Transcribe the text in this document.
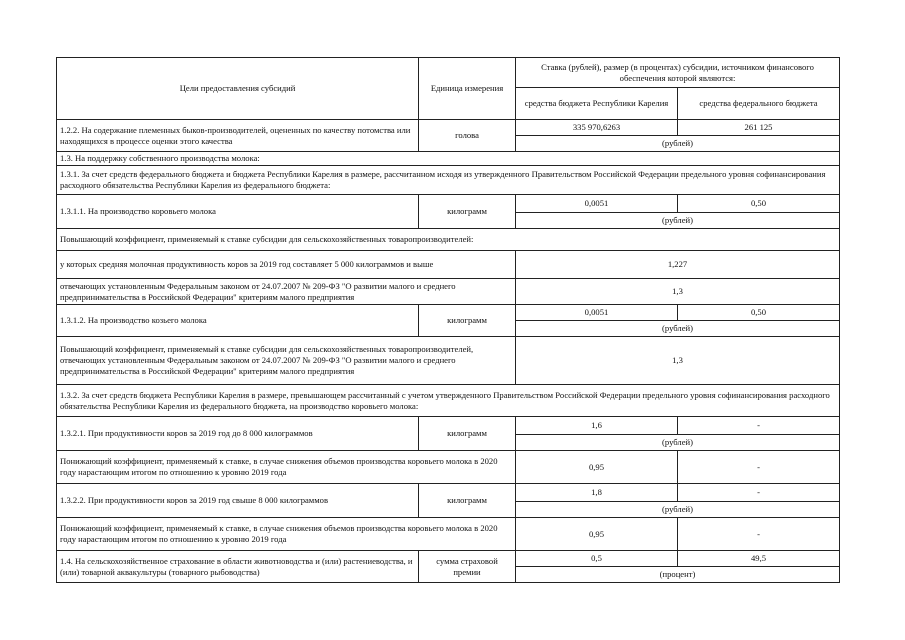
Цели предоставления субсидий	Единица измерения	Ставка (рублей), размер (в процентах) субсидии, источником финансового обеспечения которой являются:	
		средства бюджета Республики Карелия	средства федерального бюджета
1.2.2. На содержание племенных быков-производителей, оцененных по качеству потомства или находящихся в процессе оценки этого качества	голова	335 970,6263	261 125
		(рублей)	
1.3. На поддержку собственного производства молока:			
1.3.1. За счет средств федерального бюджета и бюджета Республики Карелия в размере, рассчитанном исходя из утвержденного Правительством Российской Федерации предельного уровня софинансирования расходного обязательства Республики Карелия из федерального бюджета:			
1.3.1.1. На производство коровьего молока	килограмм	0,0051	0,50
		(рублей)	
Повышающий коэффициент, применяемый к ставке субсидии для сельскохозяйственных товаропроизводителей:			
у которых средняя молочная продуктивность коров за 2019 год составляет 5 000 килограммов и выше		1,227	
отвечающих установленным Федеральным законом от 24.07.2007 № 209-ФЗ "О развитии малого и среднего предпринимательства в Российской Федерации" критериям малого предприятия		1,3	
1.3.1.2. На производство козьего молока	килограмм	0,0051	0,50
		(рублей)	
Повышающий коэффициент, применяемый к ставке субсидии для сельскохозяйственных товаропроизводителей, отвечающих установленным Федеральным законом от 24.07.2007 № 209-ФЗ "О развитии малого и среднего предпринимательства в Российской Федерации" критериям малого предприятия		1,3	
1.3.2. За счет средств бюджета Республики Карелия в размере, превышающем рассчитанный с учетом утвержденного Правительством Российской Федерации предельного уровня софинансирования расходного обязательства Республики Карелия из федерального бюджета, на производство коровьего молока:			
1.3.2.1. При продуктивности коров за 2019 год до 8 000 килограммов	килограмм	1,6	-
		(рублей)	
Понижающий коэффициент, применяемый к ставке, в случае снижения объемов производства коровьего молока в 2020 году нарастающим итогом по отношению к уровню 2019 года		0,95	-
1.3.2.2. При продуктивности коров за 2019 год свыше 8 000 килограммов	килограмм	1,8	-
		(рублей)	
Понижающий коэффициент, применяемый к ставке, в случае снижения объемов производства коровьего молока в 2020 году нарастающим итогом по отношению к уровню 2019 года		0,95	-
1.4. На сельскохозяйственное страхование в области животноводства и (или) растениеводства, и (или) товарной аквакультуры (товарного рыбоводства)	сумма страховой премии	0,5	49,5
		(процент)	
